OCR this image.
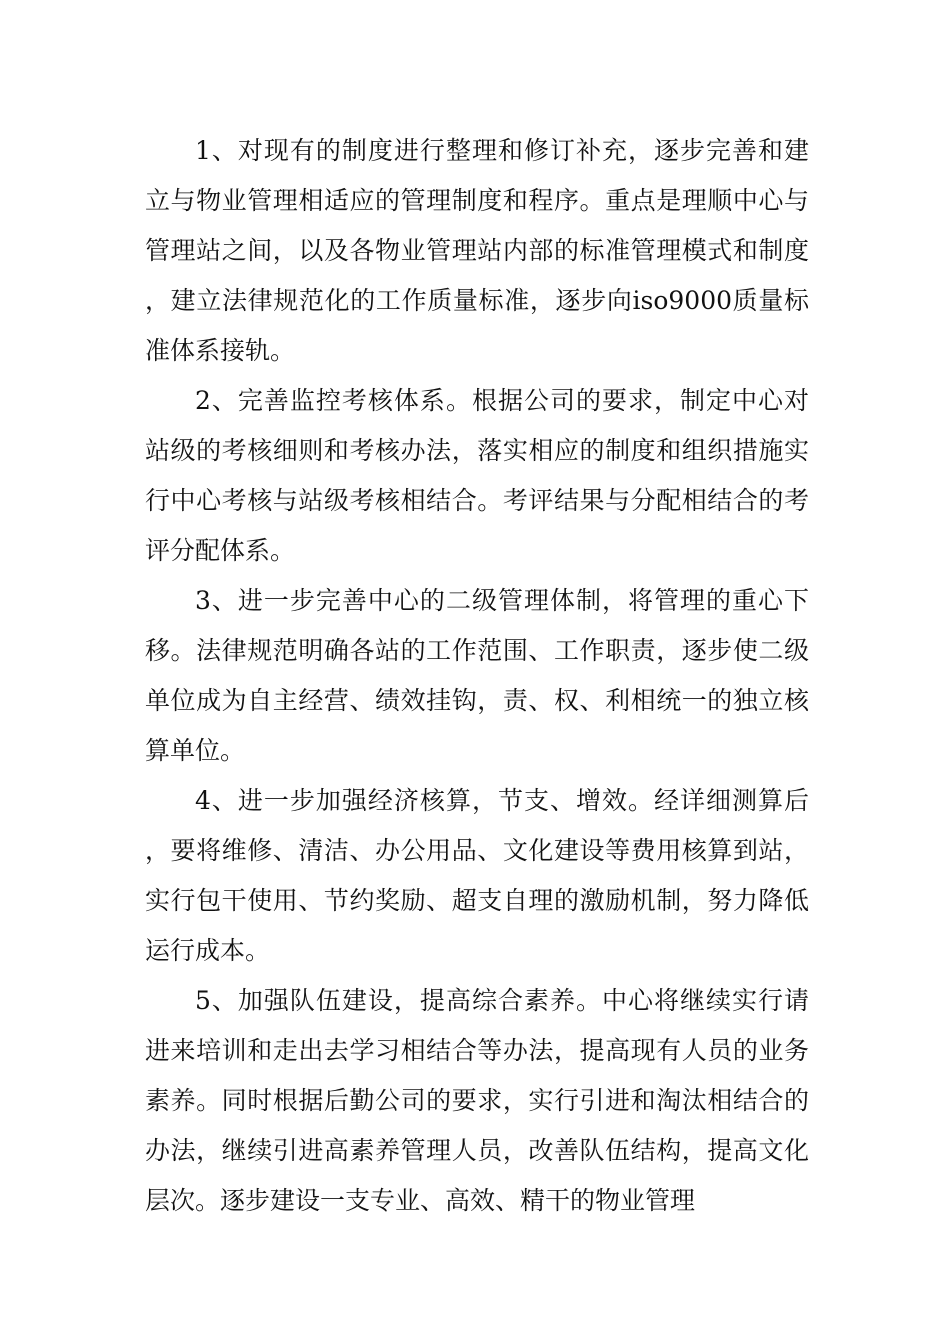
1、对现有的制度进行整理和修订补充，逐步完善和建立与物业管理相适应的管理制度和程序。重点是理顺中心与管理站之间，以及各物业管理站内部的标准管理模式和制度，建立法律规范化的工作质量标准，逐步向iso9000质量标准体系接轨。

2、完善监控考核体系。根据公司的要求，制定中心对站级的考核细则和考核办法，落实相应的制度和组织措施实行中心考核与站级考核相结合。考评结果与分配相结合的考评分配体系。

3、进一步完善中心的二级管理体制，将管理的重心下移。法律规范明确各站的工作范围、工作职责，逐步使二级单位成为自主经营、绩效挂钩，责、权、利相统一的独立核算单位。

4、进一步加强经济核算，节支、增效。经详细测算后，要将维修、清洁、办公用品、文化建设等费用核算到站，实行包干使用、节约奖励、超支自理的激励机制，努力降低运行成本。

5、加强队伍建设，提高综合素养。中心将继续实行请进来培训和走出去学习相结合等办法，提高现有人员的业务素养。同时根据后勤公司的要求，实行引进和淘汰相结合的办法，继续引进高素养管理人员，改善队伍结构，提高文化层次。逐步建设一支专业、高效、精干的物业管理
